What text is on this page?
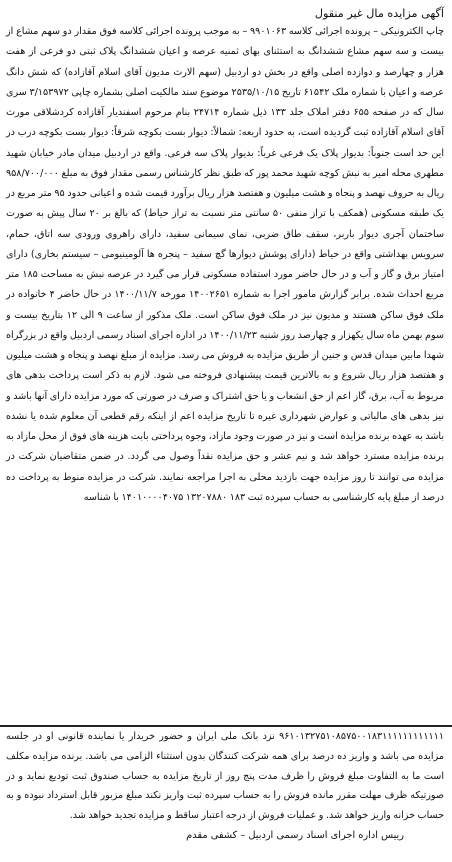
آگهی مزایده مال غیر منقول

چاپ الکترونیکی – پرونده اجرائی کلاسه ۹۹۰۱۰۶۳ – به موجب پرونده اجرائی کلاسه فوق مقدار دو سهم مشاع از بیست و سه سهم مشاع ششدانگ به استثنای بهای ثمنیه عرصه و اعیان ششدانگ پلاک ثبتی دو فرعی از هفت هزار و چهارصد و دوازده اصلی واقع در بخش دو اردبیل (سهم الارث مدیون آقای اسلام آقازاده) که شش دانگ عرصه و اعیان با شماره ملک ۶۱۵۴۲ تاریخ ۲۵۳۵/۱۰/۱۵ موضوع سند مالکیت اصلی بشماره چاپی ۳/۱۵۳۹۷۲ سری سال که در صفحه ۶۵۵ دفتر املاک جلد ۱۳۳ ذیل شماره ۲۴۷۱۴ بنام مرحوم اسفندیار آقازاده کردشلاقی مورث آقای اسلام آقازاده ثبت گردیده است، به حدود اربعه: شمالاً: دیوار بست بکوچه شرقاً: دیوار بست بکوچه درب در این حد است جنوباً: بدیوار پلاک یک فرعی غرباً: بدیوار پلاک سه فرعی. واقع در اردبیل میدان مادر خیابان شهید مطهری محله امیر به نبش کوچه شهید محمد پور که طبق نظر کارشناس رسمی مقدار فوق به مبلغ ۹۵۸/۷۰۰/۰۰۰ ریال به حروف نهصد و پنجاه و هشت میلیون و هفتصد هزار ریال برآورد قیمت شده و اعیانی حدود ۹۵ متر مربع در یک طبقه مسکونی (همکف با تراز منفی ۵۰ سانتی متر نسبت به تراز حیاط) که بالغ بر ۲۰ سال پیش به صورت ساختمان آجری دیوار باربر، سقف طاق ضربی، نمای سیمانی سفید، دارای راهروی ورودی سه اتاق، حمام، سرویس بهداشتی واقع در حیاط (دارای پوشش دیوارها گچ سفید – پنجره ها آلومینیومی – سیستم بخاری) دارای امتیاز برق و گاز و آب و در حال حاضر مورد استفاده مسکونی قرار می گیرد در عرصه نبش به مساحت ۱۸۵ متر مربع احداث شده. برابر گزارش مامور اجرا به شماره ۱۴۰۰۲۶۵۱ مورخه ۱۴۰۰/۱۱/۷ در حال حاضر ۴ خانواده در ملک فوق ساکن هستند و مدیون نیز در ملک فوق ساکن است. ملک مذکور از ساعت ۹ الی ۱۲ بتاریخ بیست و سوم بهمن ماه سال یکهزار و چهارصد روز شنبه ۱۴۰۰/۱۱/۲۳ در اداره اجرای اسناد رسمی اردبیل واقع در بزرگراه شهدا مابین میدان قدس و جنین از طریق مزایده به فروش می رسد. مزایده از مبلغ نهصد و پنجاه و هشت میلیون و هفتصد هزار ریال شروع و به بالاترین قیمت پیشنهادی فروخته می شود. لازم به ذکر است پرداخت بدهی های مربوط به آب، برق، گاز اعم از حق انشعاب و یا حق اشتراک و صرف در صورتی که مورد مزایده دارای آنها باشد و نیز بدهی های مالیاتی و عوارض شهرداری غیره تا تاریخ مزایده اعم از اینکه رقم قطعی آن معلوم شده یا نشده باشد به عهده برنده مزایده است و نیز در صورت وجود مازاد، وجوه پرداختی بابت هزینه های فوق از محل مازاد به برنده مزایده مسترد خواهد شد و نیم عشر و حق مزایده نقداً وصول می گردد. در ضمن متقاضیان شرکت در مزایده می توانند تا روز مزایده جهت بازدید محلی به اجرا مراجعه نمایند. شرکت در مزایده منوط به پرداخت ده درصد از مبلغ پایه کارشناسی به حساب سپرده ثبت ۱۸۳ ۱۳۲۰۷۸۸۰ ۱۴۰۱۰۰۰۰۴۰۷۵ با شناسه

۹۶۱۰۱۳۲۷۵۱۰۸۵۷۵۰۰۱۸۳۱۱۱۱۱۱۱۱۱۱۱۱ نزد بانک ملی ایران و حضور خریدار یا نماینده قانونی او در جلسه مزایده می باشد و واریز ده درصد برای همه شرکت کنندگان بدون استثناء الزامی می باشد. برنده مزایده مکلف است ما به التفاوت مبلغ فروش را ظرف مدت پنج روز از تاریخ مزایده به حساب صندوق ثبت تودیع نماید و در صورتیکه ظرف مهلت مقرر مانده فروش را به حساب سپرده ثبت واریز نکند مبلغ مزبور قابل استرداد نبوده و به حساب خزانه واریز خواهد شد. و عملیات فروش از درجه اعتبار ساقط و مزایده تجدید خواهد شد.

رییس اداره اجرای اسناد رسمی اردبیل – کشفی مقدم
